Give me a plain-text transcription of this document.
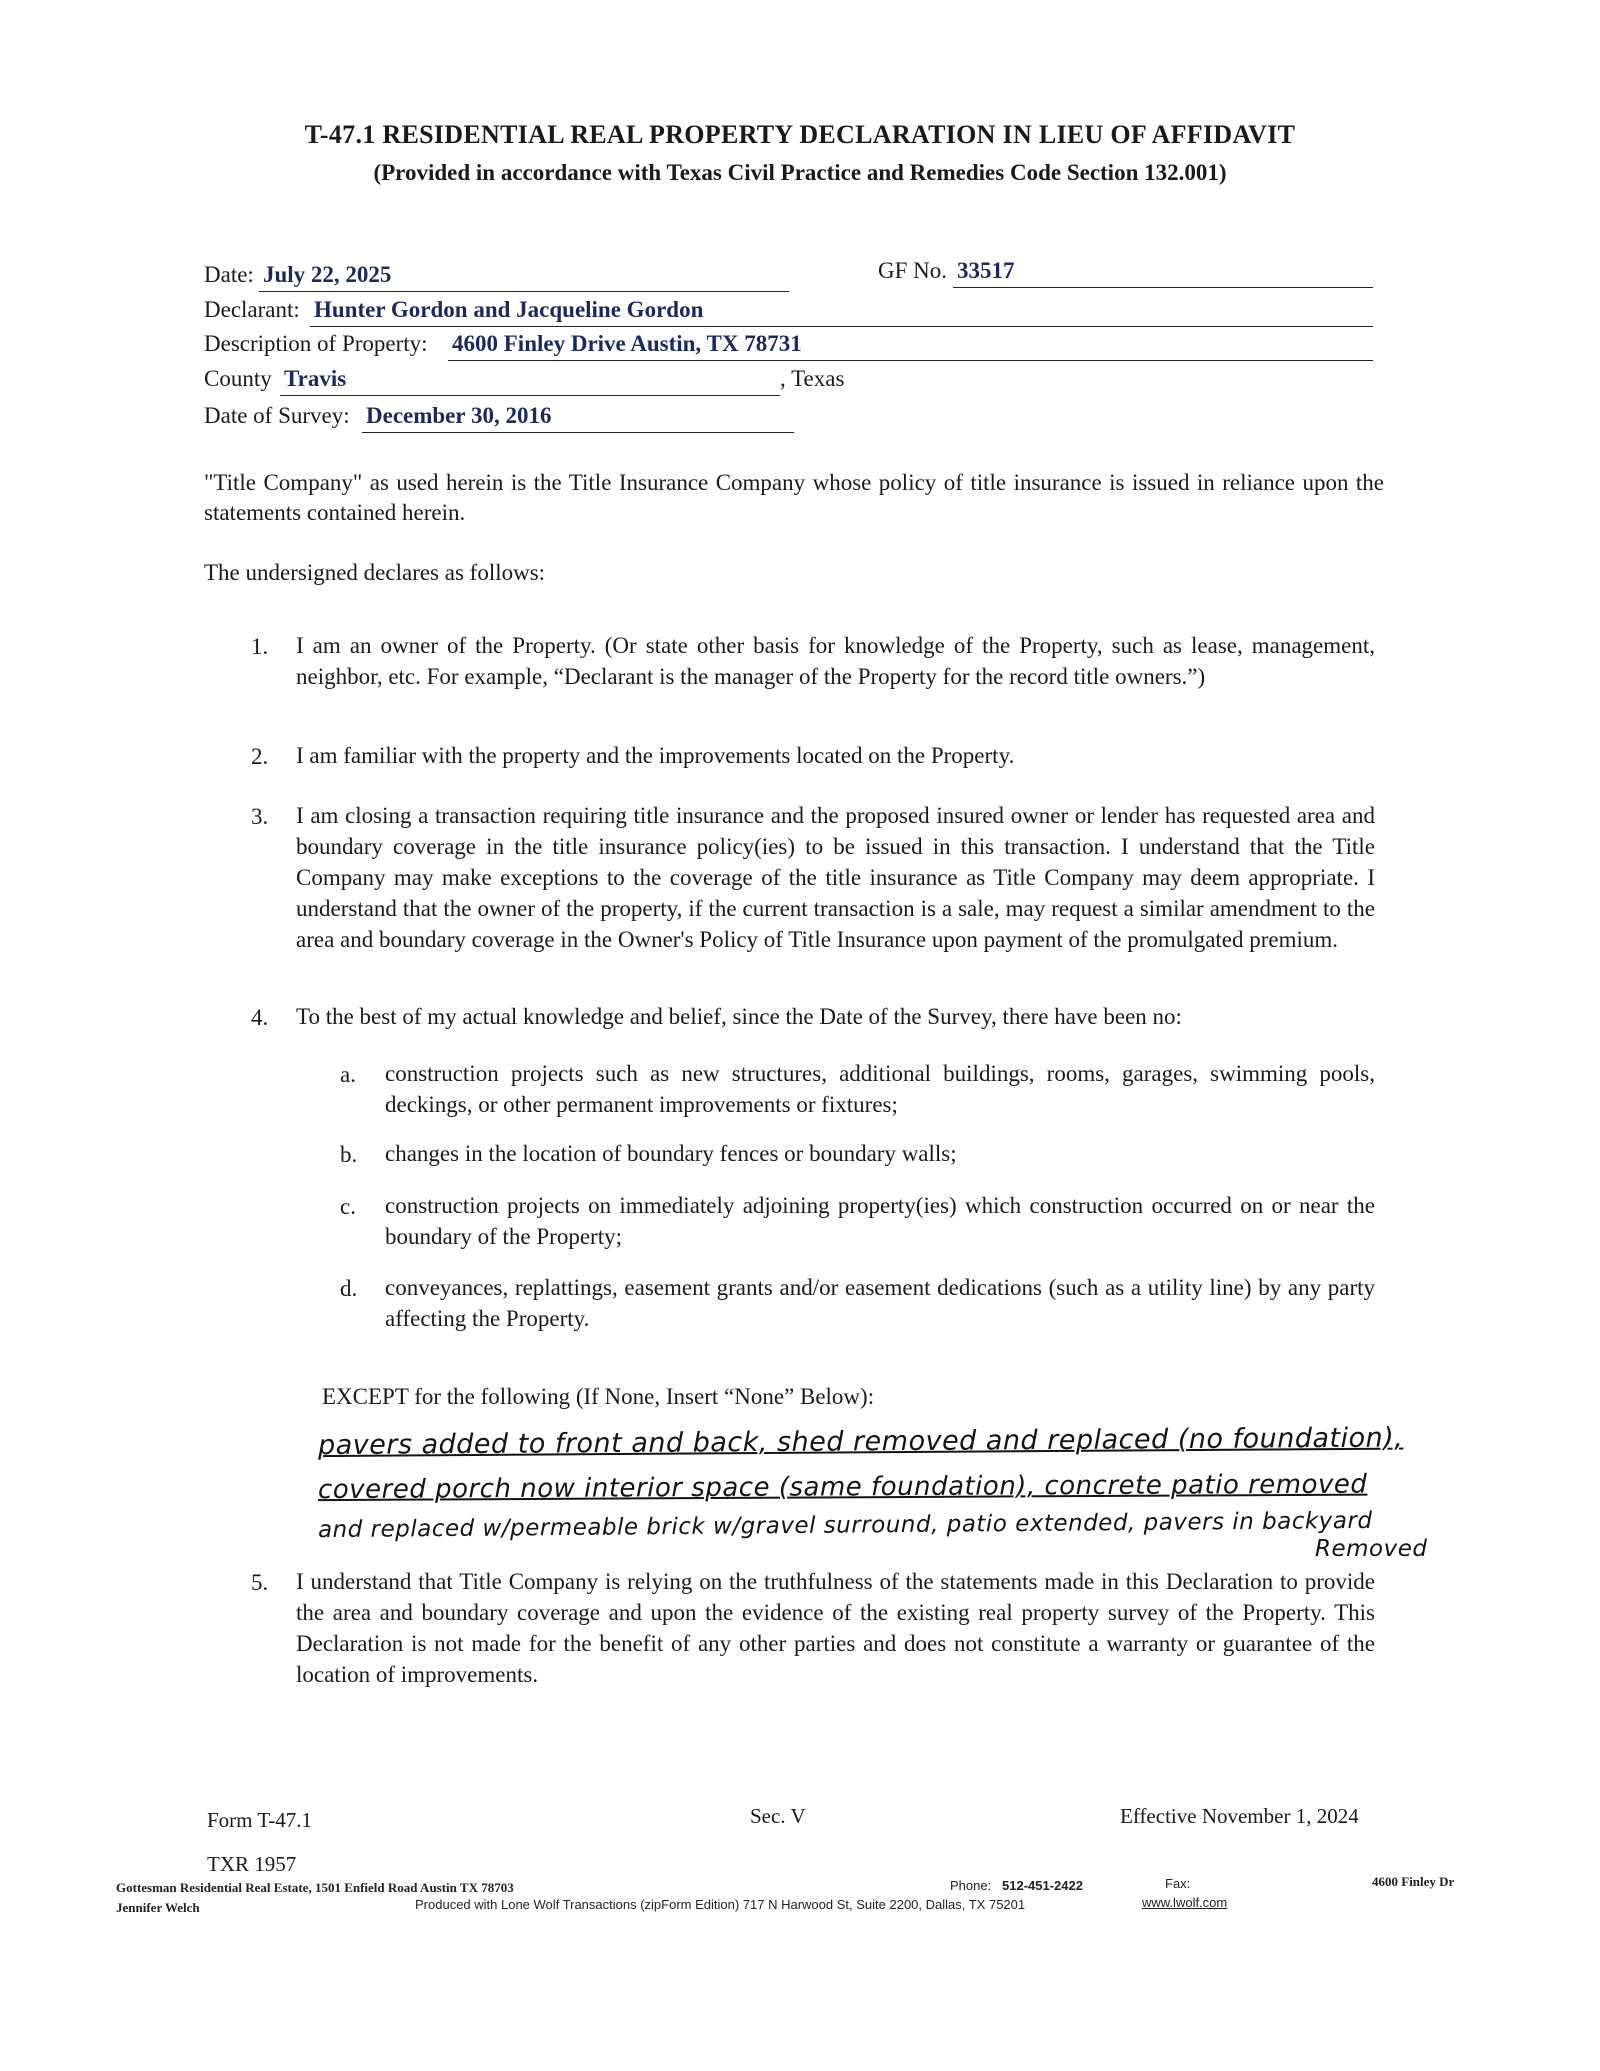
T-47.1 RESIDENTIAL REAL PROPERTY DECLARATION IN LIEU OF AFFIDAVIT
(Provided in accordance with Texas Civil Practice and Remedies Code Section 132.001)
Date: July 22, 2025	GF No. 33517
Declarant: Hunter Gordon and Jacqueline Gordon
Description of Property: 4600 Finley Drive Austin, TX 78731
County Travis	, Texas
Date of Survey: December 30, 2016
"Title Company" as used herein is the Title Insurance Company whose policy of title insurance is issued in reliance upon the statements contained herein.
The undersigned declares as follows:
1. I am an owner of the Property. (Or state other basis for knowledge of the Property, such as lease, management, neighbor, etc. For example, “Declarant is the manager of the Property for the record title owners.”)
2. I am familiar with the property and the improvements located on the Property.
3. I am closing a transaction requiring title insurance and the proposed insured owner or lender has requested area and boundary coverage in the title insurance policy(ies) to be issued in this transaction. I understand that the Title Company may make exceptions to the coverage of the title insurance as Title Company may deem appropriate. I understand that the owner of the property, if the current transaction is a sale, may request a similar amendment to the area and boundary coverage in the Owner's Policy of Title Insurance upon payment of the promulgated premium.
4. To the best of my actual knowledge and belief, since the Date of the Survey, there have been no:
a. construction projects such as new structures, additional buildings, rooms, garages, swimming pools, deckings, or other permanent improvements or fixtures;
b. changes in the location of boundary fences or boundary walls;
c. construction projects on immediately adjoining property(ies) which construction occurred on or near the boundary of the Property;
d. conveyances, replattings, easement grants and/or easement dedications (such as a utility line) by any party affecting the Property.
EXCEPT for the following (If None, Insert “None” Below):
pavers added to front and back, shed removed and replaced (no foundation),
covered porch now interior space (same foundation), concrete patio removed
and replaced w/permeable brick w/gravel surround, patio extended, pavers in backyard
Removed
5. I understand that Title Company is relying on the truthfulness of the statements made in this Declaration to provide the area and boundary coverage and upon the evidence of the existing real property survey of the Property. This Declaration is not made for the benefit of any other parties and does not constitute a warranty or guarantee of the location of improvements.
Form T-47.1	Sec. V	Effective November 1, 2024
TXR 1957
Gottesman Residential Real Estate, 1501 Enfield Road Austin TX 78703
Jennifer Welch
Phone: 512-451-2422	Fax:	4600 Finley Dr
Produced with Lone Wolf Transactions (zipForm Edition) 717 N Harwood St, Suite 2200, Dallas, TX 75201	www.lwolf.com
